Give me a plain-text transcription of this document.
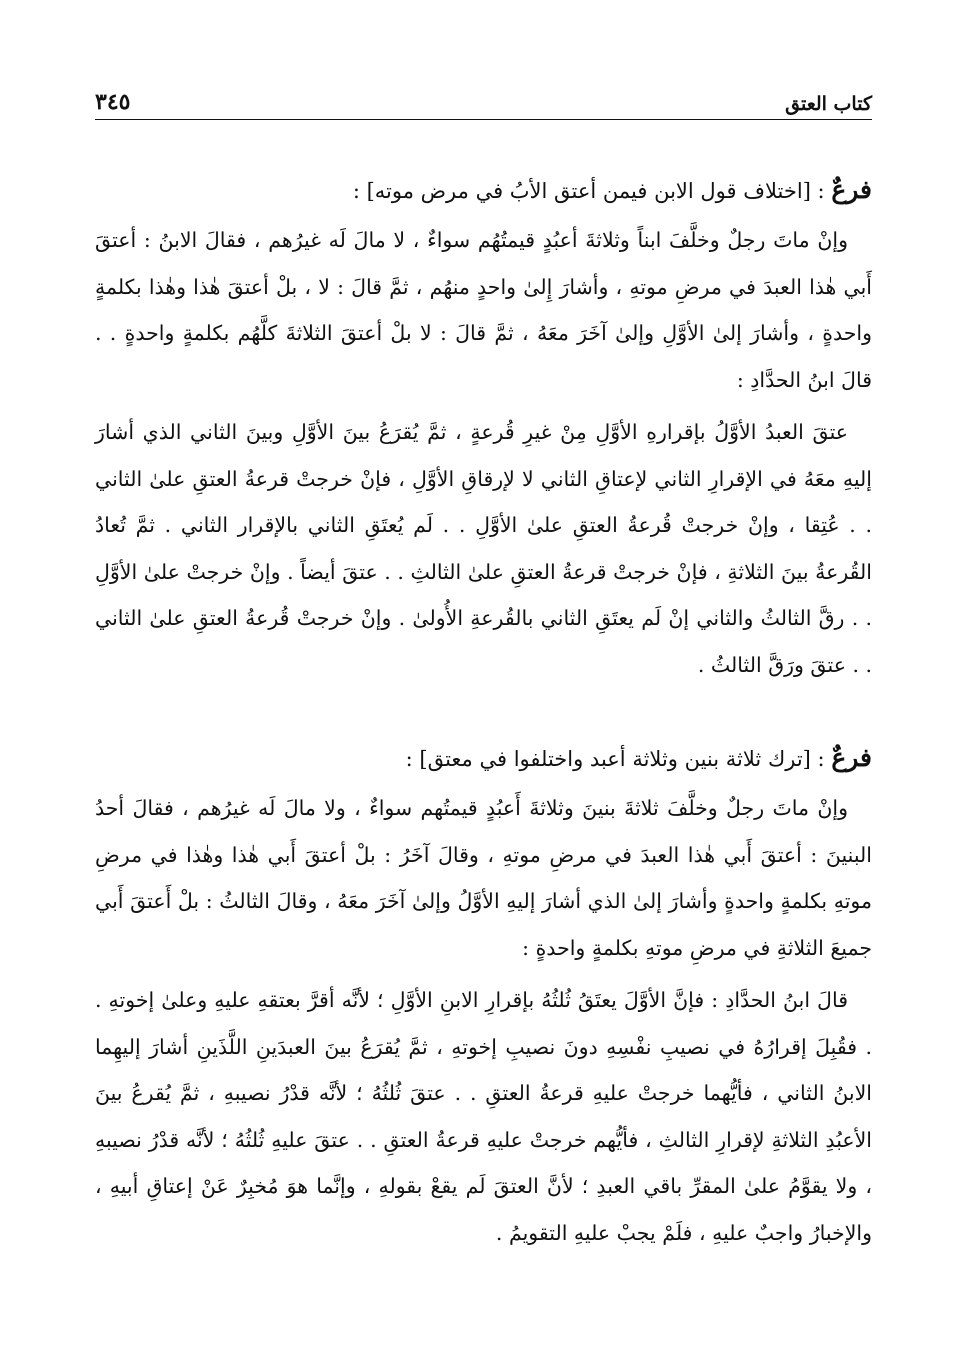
كتاب العتق
٣٤٥

فرعٌ : [اختلاف قول الابن فيمن أعتق الأبُ في مرض موته] :

وإنْ ماتَ رجلٌ وخلَّفَ ابناً وثلاثةَ أعبُدٍ قيمتُهُم سواءٌ ، لا مالَ لَه غيرُهم ، فقالَ الابنُ : أعتقَ أَبي هٰذا العبدَ في مرضِ موتهِ ، وأشارَ إِلىٰ واحدٍ منهُم ، ثمَّ قالَ : لا ، بلْ أعتقَ هٰذا وهٰذا بكلمةٍ واحدةٍ ، وأشارَ إلىٰ الأوَّلِ وإلىٰ آخَرَ معَهُ ، ثمَّ قالَ : لا بلْ أعتقَ الثلاثةَ كلَّهُم بكلمةٍ واحدةٍ . . قالَ ابنُ الحدَّادِ :

عتقَ العبدُ الأوَّلُ بإقرارهِ الأوَّلِ مِنْ غيرِ قُرعةٍ ، ثمَّ يُقرَعُ بينَ الأوَّلِ وبينَ الثاني الذي أشارَ إليهِ معَهُ في الإقرارِ الثاني لإعتاقِ الثاني لا لإرقاقِ الأوَّلِ ، فإنْ خرجتْ قرعةُ العتقِ علىٰ الثاني . . عُتِقا ، وإنْ خرجتْ قُرعةُ العتقِ علىٰ الأوَّلِ . . لَم يُعتَقِ الثاني بالإقرار الثاني . ثمَّ تُعادُ القُرعةُ بينَ الثلاثةِ ، فإنْ خرجتْ قرعةُ العتقِ علىٰ الثالثِ . . عتقَ أيضاً . وإنْ خرجتْ علىٰ الأوَّلِ . . رقَّ الثالثُ والثاني إنْ لَم يعتَقِ الثاني بالقُرعةِ الأُولىٰ . وإنْ خرجتْ قُرعةُ العتقِ علىٰ الثاني . . عتقَ ورَقَّ الثالثُ .

فرعٌ : [ترك ثلاثة بنين وثلاثة أعبد واختلفوا في معتق] :

وإنْ ماتَ رجلٌ وخلَّفَ ثلاثةَ بنينَ وثلاثةَ أَعبُدٍ قيمتُهم سواءٌ ، ولا مالَ لَه غيرُهم ، فقالَ أحدُ البنينَ : أعتقَ أَبي هٰذا العبدَ في مرضِ موتهِ ، وقالَ آخَرُ : بلْ أعتقَ أَبي هٰذا وهٰذا في مرضِ موتهِ بكلمةٍ واحدةٍ وأشارَ إلىٰ الذي أشارَ إليهِ الأوَّلُ وإلىٰ آخَرَ معَهُ ، وقالَ الثالثُ : بلْ أَعتقَ أَبي جميعَ الثلاثةِ في مرضِ موتهِ بكلمةٍ واحدةٍ :

قالَ ابنُ الحدَّادِ : فإنَّ الأوَّلَ يعتَقُ ثُلثُهُ بإقرارِ الابنِ الأوَّلِ ؛ لأنَّه أقرَّ بعتقهِ عليهِ وعلىٰ إخوتهِ . . فقُبِلَ إقرارُهُ في نصيبِ نفْسِهِ دونَ نصيبِ إخوتهِ ، ثمَّ يُقرَعُ بينَ العبدَينِ اللَّذَينِ أشارَ إليهِما الابنُ الثاني ، فأيُّهما خرجتْ عليهِ قرعةُ العتقِ . . عتقَ ثُلثُهُ ؛ لأنَّه قدْرُ نصيبهِ ، ثمَّ يُقرعُ بينَ الأعبُدِ الثلاثةِ لإقرارِ الثالثِ ، فأيُّهم خرجتْ عليهِ قرعةُ العتقِ . . عتقَ عليهِ ثُلثُهُ ؛ لأنَّه قدْرُ نصيبهِ ، ولا يقوَّمُ علىٰ المقرِّ باقي العبدِ ؛ لأنَّ العتقَ لَم يقعْ بقولهِ ، وإنَّما هوَ مُخبِرٌ عَنْ إعتاقِ أبيهِ ، والإخبارُ واجبٌ عليهِ ، فلَمْ يجبْ عليهِ التقويمُ .
